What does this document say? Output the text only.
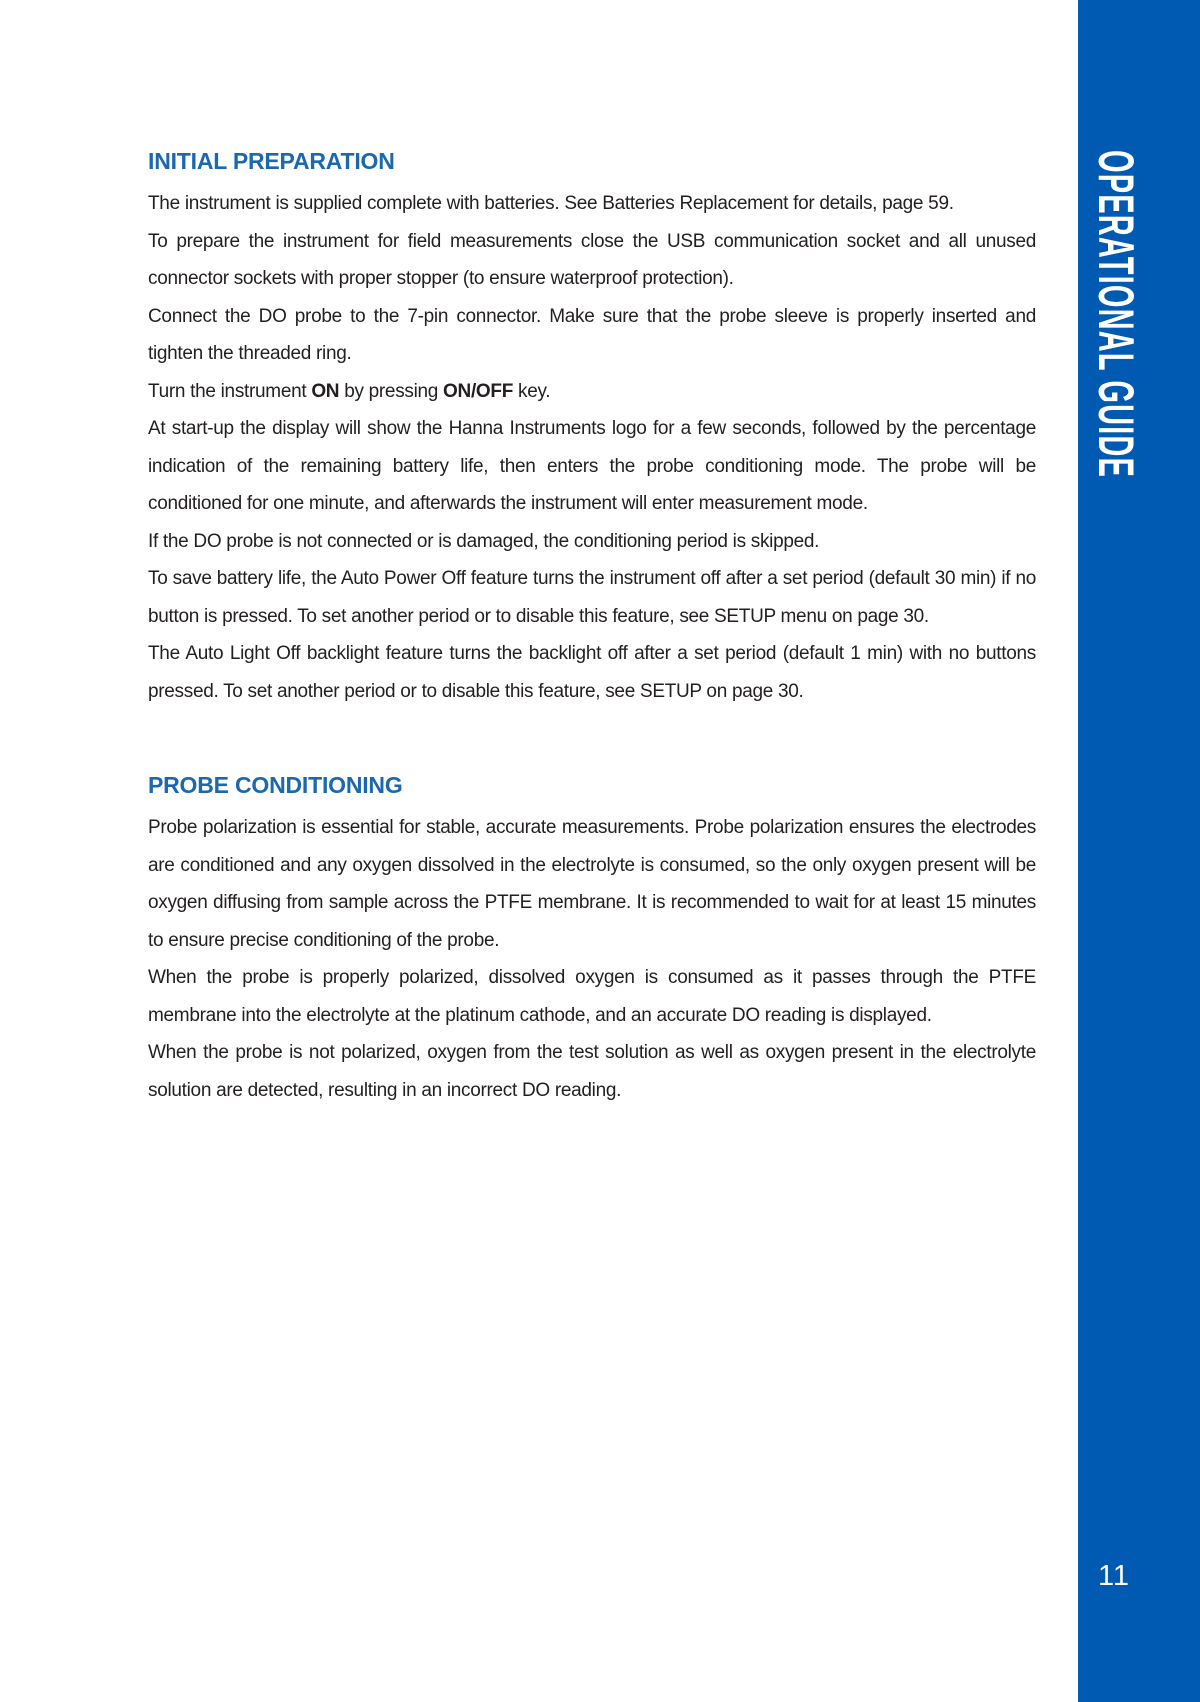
INITIAL PREPARATION

The instrument is supplied complete with batteries. See Batteries Replacement for details, page 59.

To prepare the instrument for field measurements close the USB communication socket and all unused connector sockets with proper stopper (to ensure waterproof protection).

Connect the DO probe to the 7-pin connector. Make sure that the probe sleeve is properly inserted and tighten the threaded ring.

Turn the instrument ON by pressing ON/OFF key.

At start-up the display will show the Hanna Instruments logo for a few seconds, followed by the percentage indication of the remaining battery life, then enters the probe conditioning mode. The probe will be conditioned for one minute, and afterwards the instrument will enter measurement mode.

If the DO probe is not connected or is damaged, the conditioning period is skipped.

To save battery life, the Auto Power Off feature turns the instrument off after a set period (default 30 min) if no button is pressed. To set another period or to disable this feature, see SETUP menu on page 30.

The Auto Light Off backlight feature turns the backlight off after a set period (default 1 min) with no buttons pressed. To set another period or to disable this feature, see SETUP on page 30.

PROBE CONDITIONING

Probe polarization is essential for stable, accurate measurements. Probe polarization ensures the electrodes are conditioned and any oxygen dissolved in the electrolyte is consumed, so the only oxygen present will be oxygen diffusing from sample across the PTFE membrane. It is recommended to wait for at least 15 minutes to ensure precise conditioning of the probe.

When the probe is properly polarized, dissolved oxygen is consumed as it passes through the PTFE membrane into the electrolyte at the platinum cathode, and an accurate DO reading is displayed.

When the probe is not polarized, oxygen from the test solution as well as oxygen present in the electrolyte solution are detected, resulting in an incorrect DO reading.

OPERATIONAL GUIDE
11
